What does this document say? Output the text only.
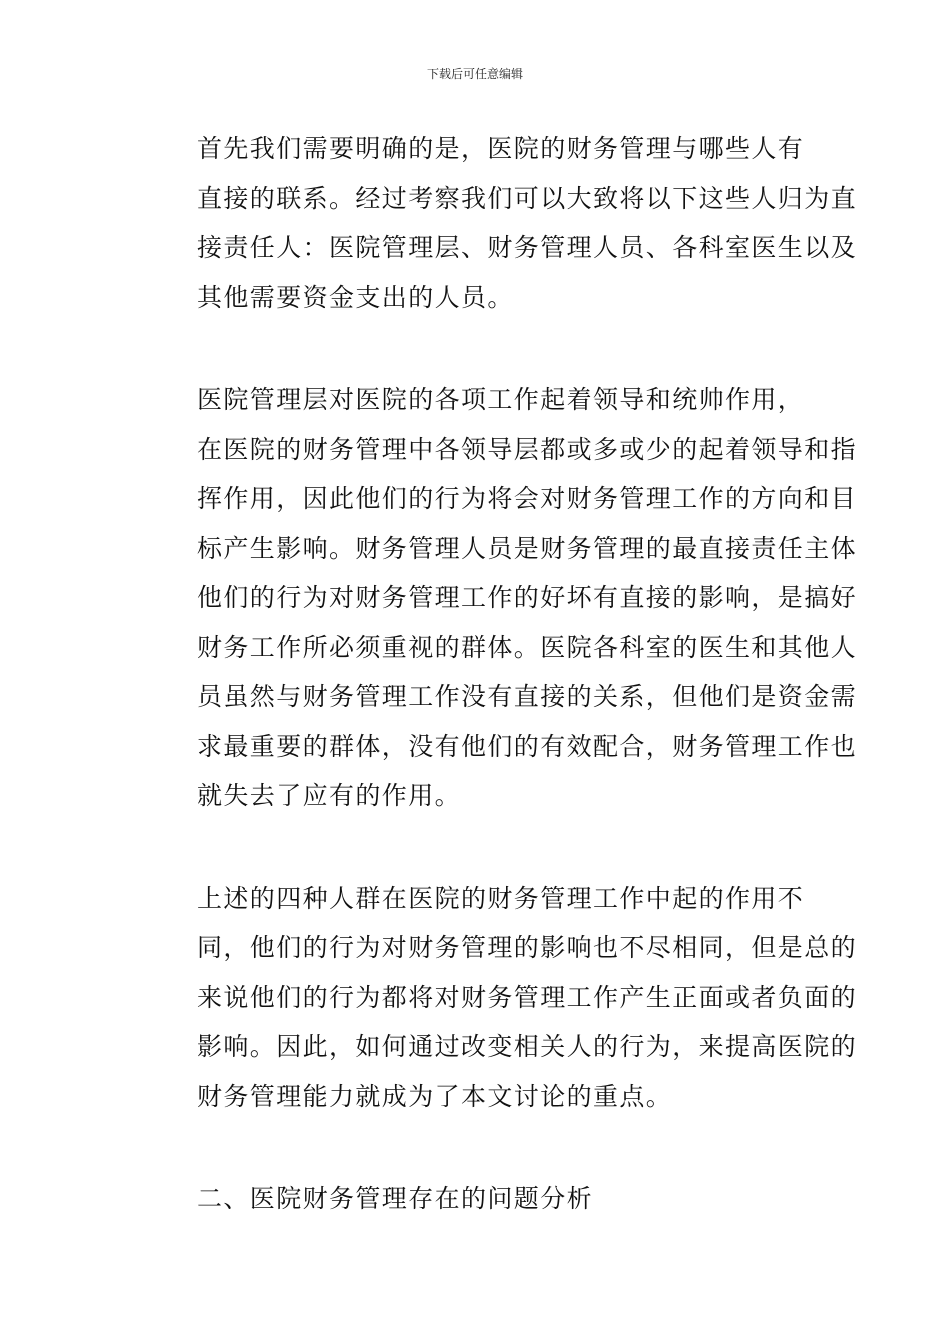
下载后可任意编辑

首先我们需要明确的是，医院的财务管理与哪些人有
直接的联系。经过考察我们可以大致将以下这些人归为直
接责任人：医院管理层、财务管理人员、各科室医生以及
其他需要资金支出的人员。

医院管理层对医院的各项工作起着领导和统帅作用，
在医院的财务管理中各领导层都或多或少的起着领导和指
挥作用，因此他们的行为将会对财务管理工作的方向和目
标产生影响。财务管理人员是财务管理的最直接责任主体
他们的行为对财务管理工作的好坏有直接的影响，是搞好
财务工作所必须重视的群体。医院各科室的医生和其他人
员虽然与财务管理工作没有直接的关系，但他们是资金需
求最重要的群体，没有他们的有效配合，财务管理工作也
就失去了应有的作用。

上述的四种人群在医院的财务管理工作中起的作用不
同，他们的行为对财务管理的影响也不尽相同，但是总的
来说他们的行为都将对财务管理工作产生正面或者负面的
影响。因此，如何通过改变相关人的行为，来提高医院的
财务管理能力就成为了本文讨论的重点。

二、医院财务管理存在的问题分析
